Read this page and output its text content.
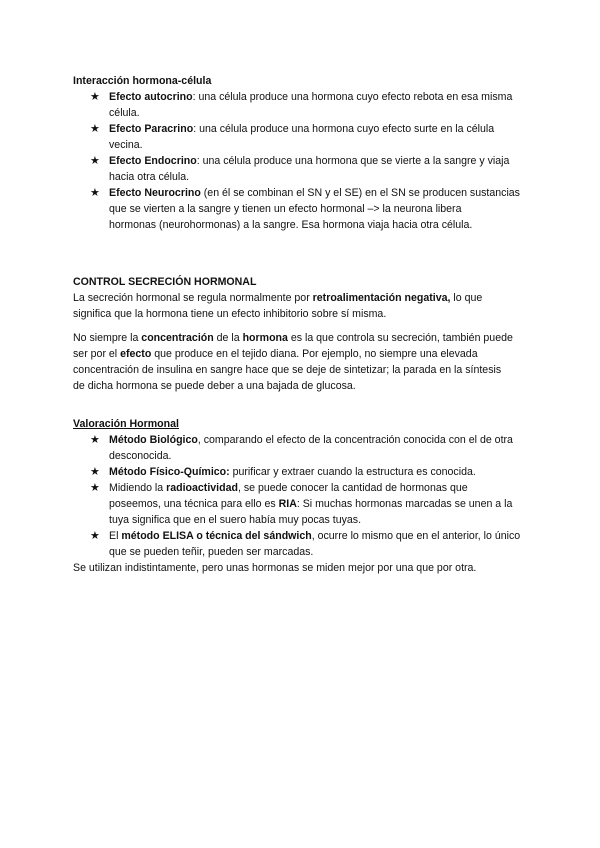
Interacción hormona-célula
★ Efecto autocrino: una célula produce una hormona cuyo efecto rebota en esa misma
célula.
★ Efecto Paracrino: una célula produce una hormona cuyo efecto surte en la célula
vecina.
★ Efecto Endocrino: una célula produce una hormona que se vierte a la sangre y viaja
hacia otra célula.
★ Efecto Neurocrino (en él se combinan el SN y el SE) en el SN se producen sustancias
que se vierten a la sangre y tienen un efecto hormonal –> la neurona libera
hormonas (neurohormonas) a la sangre. Esa hormona viaja hacia otra célula.
CONTROL SECRECIÓN HORMONAL
La secreción hormonal se regula normalmente por retroalimentación negativa, lo que
significa que la hormona tiene un efecto inhibitorio sobre sí misma.
No siempre la concentración de la hormona es la que controla su secreción, también puede
ser por el efecto que produce en el tejido diana. Por ejemplo, no siempre una elevada
concentración de insulina en sangre hace que se deje de sintetizar; la parada en la síntesis
de dicha hormona se puede deber a una bajada de glucosa.
Valoración Hormonal
★ Método Biológico, comparando el efecto de la concentración conocida con el de otra
desconocida.
★ Método Físico-Químico: purificar y extraer cuando la estructura es conocida.
★ Midiendo la radioactividad, se puede conocer la cantidad de hormonas que
poseemos, una técnica para ello es RIA: Si muchas hormonas marcadas se unen a la
tuya significa que en el suero había muy pocas tuyas.
★ El método ELISA o técnica del sándwich, ocurre lo mismo que en el anterior, lo único
que se pueden teñir, pueden ser marcadas.
Se utilizan indistintamente, pero unas hormonas se miden mejor por una que por otra.
